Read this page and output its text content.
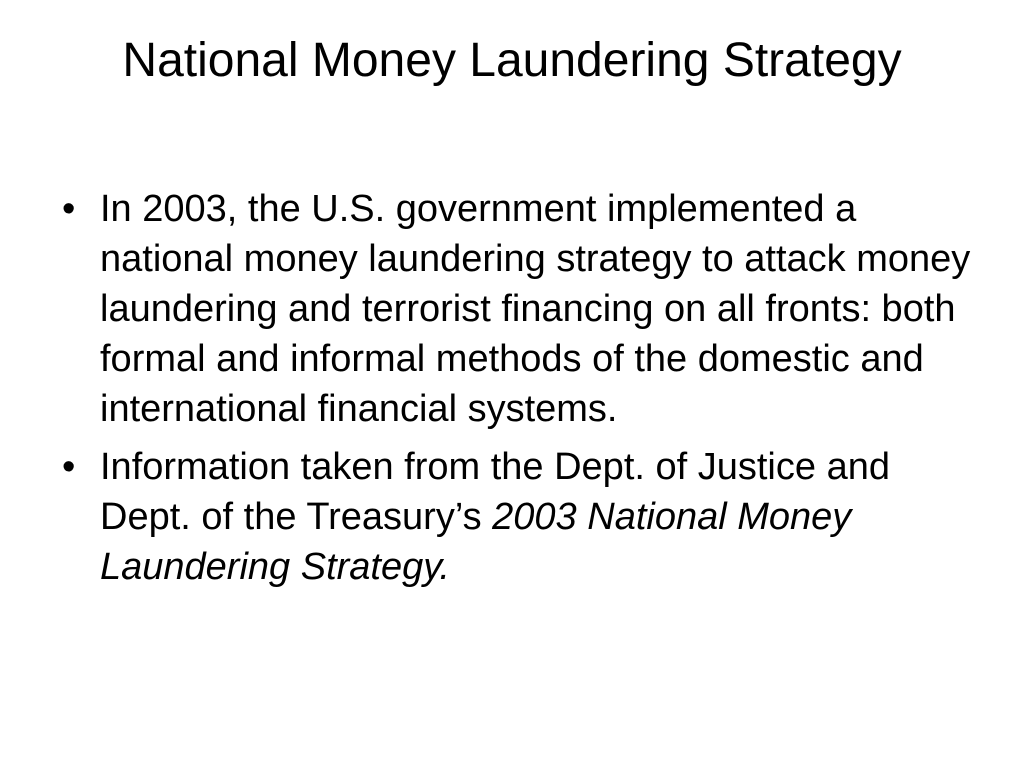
National Money Laundering Strategy
• In 2003, the U.S. government implemented a national money laundering strategy to attack money laundering and terrorist financing on all fronts: both formal and informal methods of the domestic and international financial systems.
• Information taken from the Dept. of Justice and Dept. of the Treasury’s 2003 National Money Laundering Strategy.
